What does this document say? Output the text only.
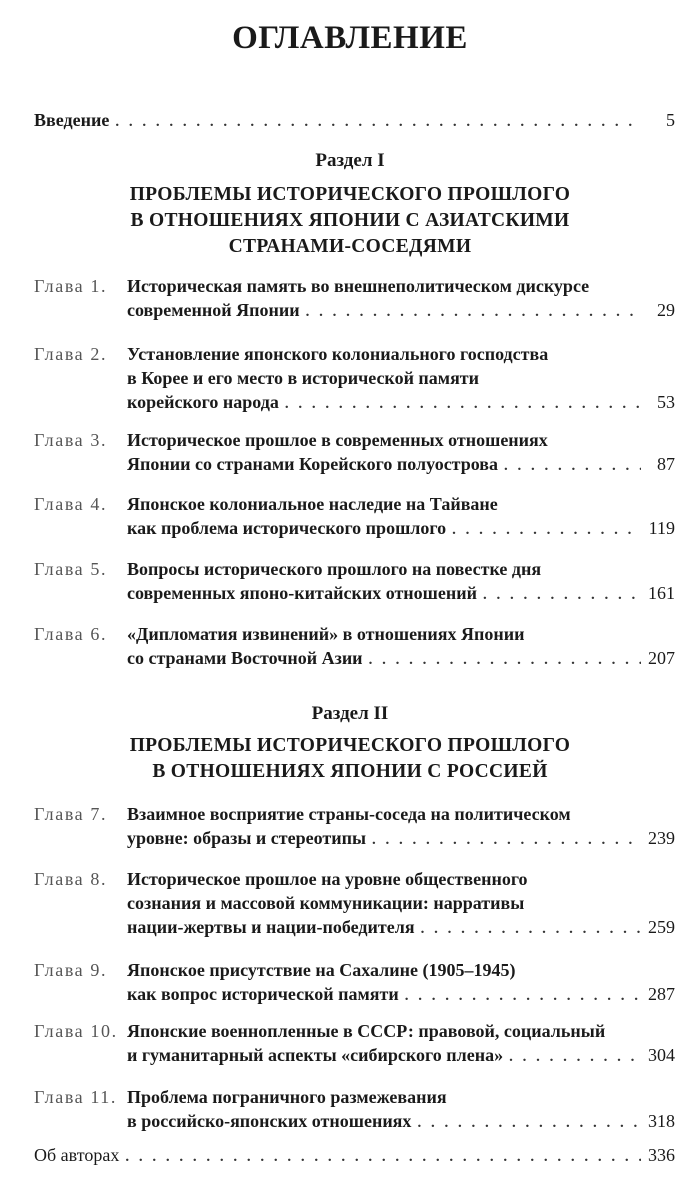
ОГЛАВЛЕНИЕ
Введение . . .	5
Раздел I
ПРОБЛЕМЫ ИСТОРИЧЕСКОГО ПРОШЛОГО
В ОТНОШЕНИЯХ ЯПОНИИ С АЗИАТСКИМИ
СТРАНАМИ-СОСЕДЯМИ
Глава 1. Историческая память во внешнеполитическом дискурсе
современной Японии . . .	29
Глава 2. Установление японского колониального господства
в Корее и его место в исторической памяти
корейского народа . . .	53
Глава 3. Историческое прошлое в современных отношениях
Японии со странами Корейского полуострова . . .	87
Глава 4. Японское колониальное наследие на Тайване
как проблема исторического прошлого . . .	119
Глава 5. Вопросы исторического прошлого на повестке дня
современных японо-китайских отношений . . .	161
Глава 6. «Дипломатия извинений» в отношениях Японии
со странами Восточной Азии . . .	207
Раздел II
ПРОБЛЕМЫ ИСТОРИЧЕСКОГО ПРОШЛОГО
В ОТНОШЕНИЯХ ЯПОНИИ С РОССИЕЙ
Глава 7. Взаимное восприятие страны-соседа на политическом
уровне: образы и стереотипы . . .	239
Глава 8. Историческое прошлое на уровне общественного
сознания и массовой коммуникации: нарративы
нации-жертвы и нации-победителя . . .	259
Глава 9. Японское присутствие на Сахалине (1905–1945)
как вопрос исторической памяти . . .	287
Глава 10. Японские военнопленные в СССР: правовой, социальный
и гуманитарный аспекты «сибирского плена» . . .	304
Глава 11. Проблема пограничного размежевания
в российско-японских отношениях . . .	318
Об авторах . . .	336
